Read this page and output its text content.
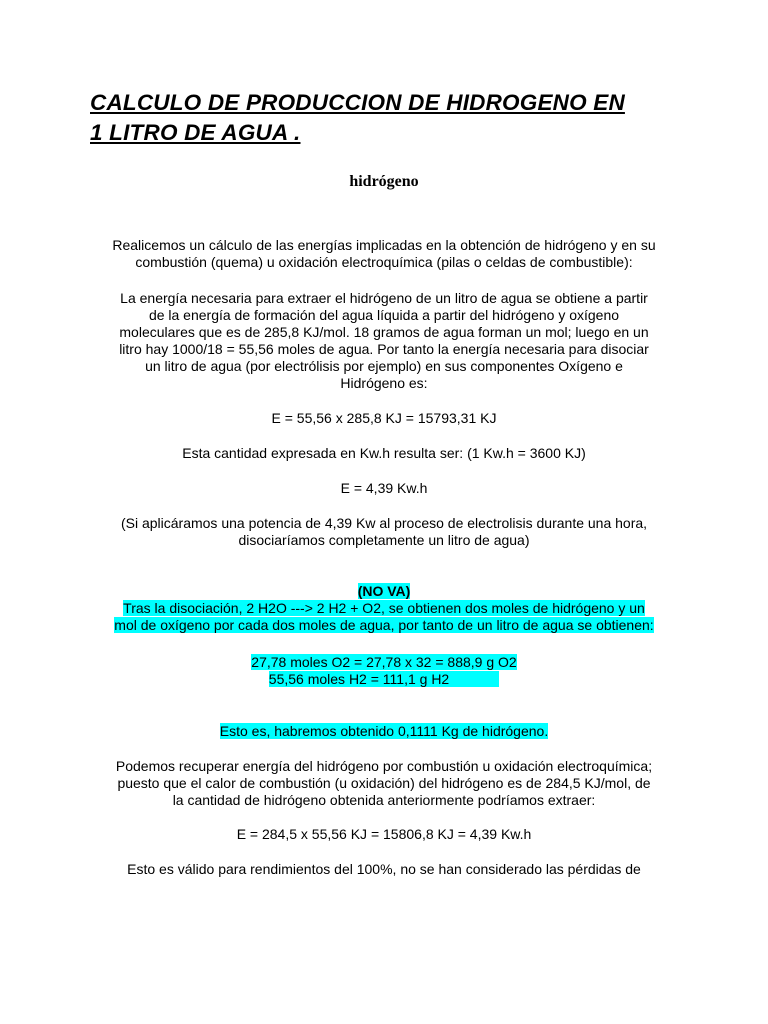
CALCULO DE PRODUCCION DE HIDROGENO EN
1 LITRO DE AGUA .
hidrógeno

Realicemos un cálculo de las energías implicadas en la obtención de hidrógeno y en su
combustión (quema) u oxidación electroquímica (pilas o celdas de combustible):

La energía necesaria para extraer el hidrógeno de un litro de agua se obtiene a partir
de la energía de formación del agua líquida a partir del hidrógeno y oxígeno
moleculares que es de 285,8 KJ/mol. 18 gramos de agua forman un mol; luego en un
litro hay 1000/18 = 55,56 moles de agua. Por tanto la energía necesaria para disociar
un litro de agua (por electrólisis por ejemplo) en sus componentes Oxígeno e
Hidrógeno es:

E = 55,56 x 285,8 KJ = 15793,31 KJ

Esta cantidad expresada en Kw.h resulta ser: (1 Kw.h = 3600 KJ)

E = 4,39 Kw.h

(Si aplicáramos una potencia de 4,39 Kw al proceso de electrolisis durante una hora,
disociaríamos completamente un litro de agua)

(NO VA)
Tras la disociación, 2 H2O ---> 2 H2 + O2, se obtienen dos moles de hidrógeno y un
mol de oxígeno por cada dos moles de agua, por tanto de un litro de agua se obtienen:

27,78 moles O2 = 27,78 x 32 = 888,9 g O2
55,56 moles H2 = 111,1 g H2

Esto es, habremos obtenido 0,1111 Kg de hidrógeno.

Podemos recuperar energía del hidrógeno por combustión u oxidación electroquímica;
puesto que el calor de combustión (u oxidación) del hidrógeno es de 284,5 KJ/mol, de
la cantidad de hidrógeno obtenida anteriormente podríamos extraer:

E = 284,5 x 55,56 KJ = 15806,8 KJ = 4,39 Kw.h

Esto es válido para rendimientos del 100%, no se han considerado las pérdidas de
